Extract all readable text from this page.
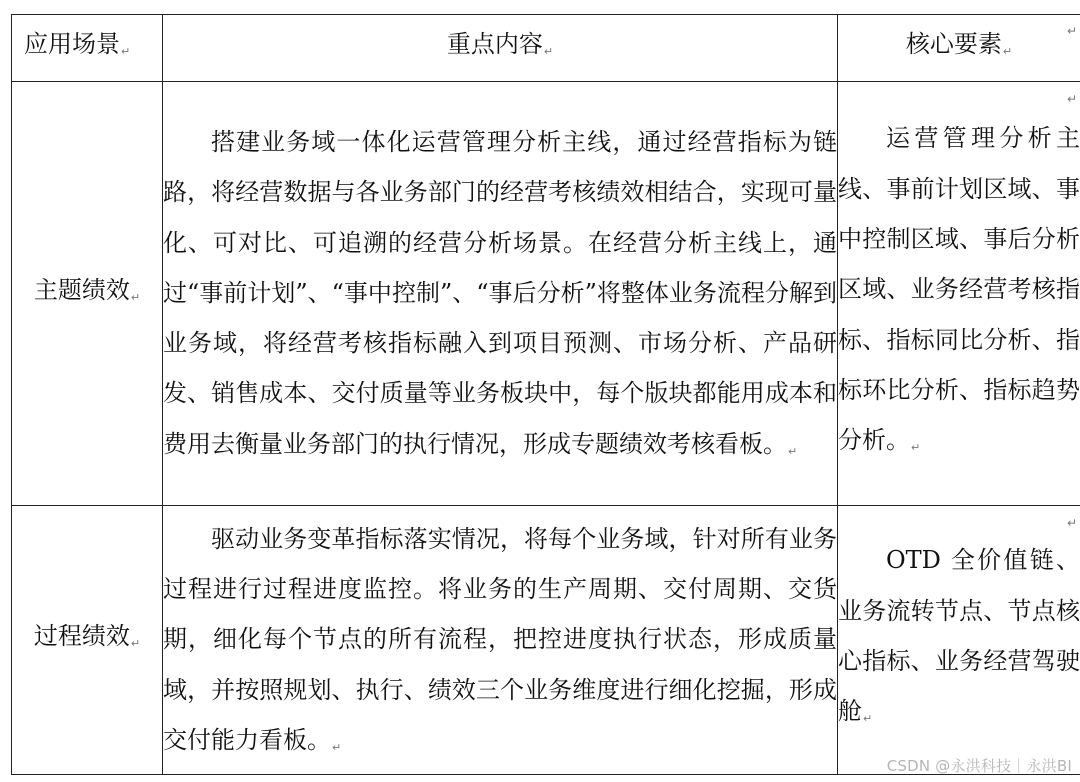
应用场景↵	重点内容↵	核心要素↵
主题绩效↵	搭建业务域一体化运营管理分析主线，通过经营指标为链路，将经营数据与各业务部门的经营考核绩效相结合，实现可量化、可对比、可追溯的经营分析场景。在经营分析主线上，通过“事前计划”、“事中控制”、“事后分析”将整体业务流程分解到业务域，将经营考核指标融入到项目预测、市场分析、产品研发、销售成本、交付质量等业务板块中，每个版块都能用成本和费用去衡量业务部门的执行情况，形成专题绩效考核看板。↵	运营管理分析主线、事前计划区域、事中控制区域、事后分析区域、业务经营考核指标、指标同比分析、指标环比分析、指标趋势分析。↵

过程绩效↵	驱动业务变革指标落实情况，将每个业务域，针对所有业务过程进行过程进度监控。将业务的生产周期、交付周期、交货期，细化每个节点的所有流程，把控进度执行状态，形成质量域，并按照规划、执行、绩效三个业务维度进行细化挖掘，形成交付能力看板。↵	OTD 全价值链、业务流转节点、节点核心指标、业务经营驾驶舱↵

↵
↵
↵
CSDN @永洪科技｜永洪BI
